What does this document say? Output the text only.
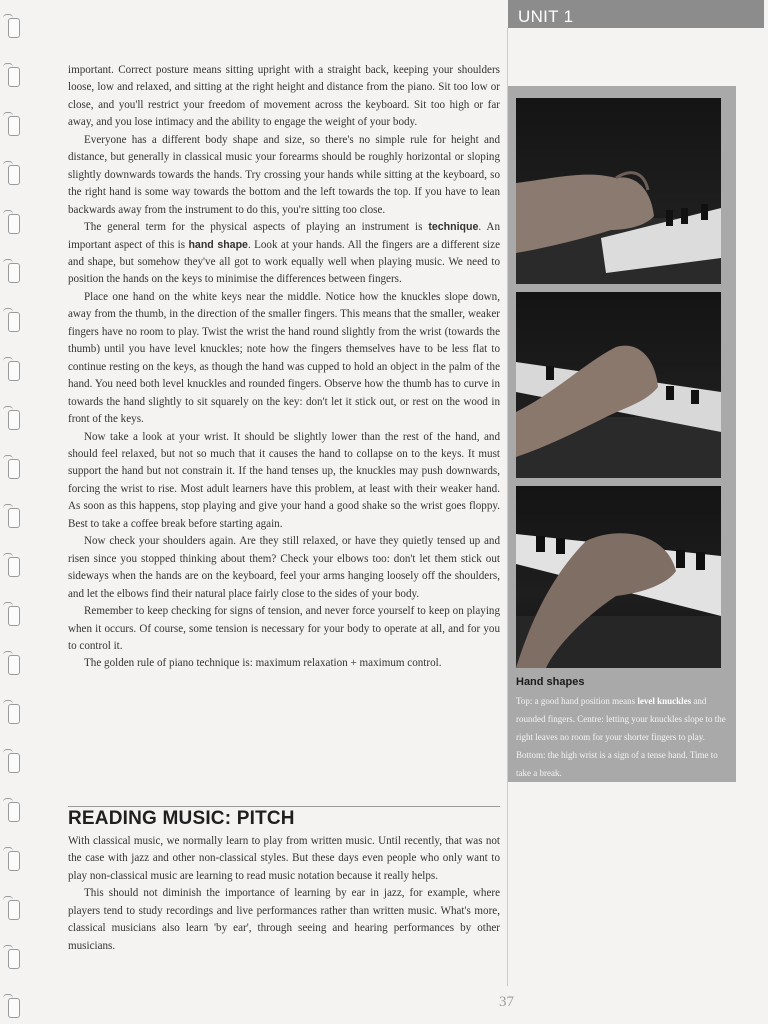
UNIT 1

important. Correct posture means sitting upright with a straight back, keeping your shoulders loose, low and relaxed, and sitting at the right height and distance from the piano. Sit too low or close, and you'll restrict your freedom of movement across the keyboard. Sit too high or far away, and you lose intimacy and the ability to engage the weight of your body.

Everyone has a different body shape and size, so there's no simple rule for height and distance, but generally in classical music your forearms should be roughly horizontal or sloping slightly downwards towards the hands. Try crossing your hands while sitting at the keyboard, so the right hand is some way towards the bottom and the left towards the top. If you have to lean backwards away from the instrument to do this, you're sitting too close.

The general term for the physical aspects of playing an instrument is technique. An important aspect of this is hand shape. Look at your hands. All the fingers are a different size and shape, but somehow they've all got to work equally well when playing music. We need to position the hands on the keys to minimise the differences between fingers.

Place one hand on the white keys near the middle. Notice how the knuckles slope down, away from the thumb, in the direction of the smaller fingers. This means that the smaller, weaker fingers have no room to play. Twist the wrist the hand round slightly from the wrist (towards the thumb) until you have level knuckles; note how the fingers themselves have to be less flat to continue resting on the keys, as though the hand was cupped to hold an object in the palm of the hand. You need both level knuckles and rounded fingers. Observe how the thumb has to curve in towards the hand slightly to sit squarely on the key: don't let it stick out, or rest on the wood in front of the keys.

Now take a look at your wrist. It should be slightly lower than the rest of the hand, and should feel relaxed, but not so much that it causes the hand to collapse on to the keys. It must support the hand but not constrain it. If the hand tenses up, the knuckles may push downwards, forcing the wrist to rise. Most adult learners have this problem, at least with their weaker hand. As soon as this happens, stop playing and give your hand a good shake so the wrist goes floppy. Best to take a coffee break before starting again.

Now check your shoulders again. Are they still relaxed, or have they quietly tensed up and risen since you stopped thinking about them? Check your elbows too: don't let them stick out sideways when the hands are on the keyboard, feel your arms hanging loosely off the shoulders, and let the elbows find their natural place fairly close to the sides of your body.

Remember to keep checking for signs of tension, and never force yourself to keep on playing when it occurs. Of course, some tension is necessary for your body to operate at all, and for you to control it.

The golden rule of piano technique is: maximum relaxation + maximum control.

READING MUSIC: PITCH

With classical music, we normally learn to play from written music. Until recently, that was not the case with jazz and other non-classical styles. But these days even people who only want to play non-classical music are learning to read music notation because it really helps.

This should not diminish the importance of learning by ear in jazz, for example, where players tend to study recordings and live performances rather than written music. What's more, classical musicians also learn 'by ear', through seeing and hearing performances by other musicians.

Hand shapes
Top: a good hand position means level knuckles and rounded fingers. Centre: letting your knuckles slope to the right leaves no room for your shorter fingers to play. Bottom: the high wrist is a sign of a tense hand. Time to take a break.
37
